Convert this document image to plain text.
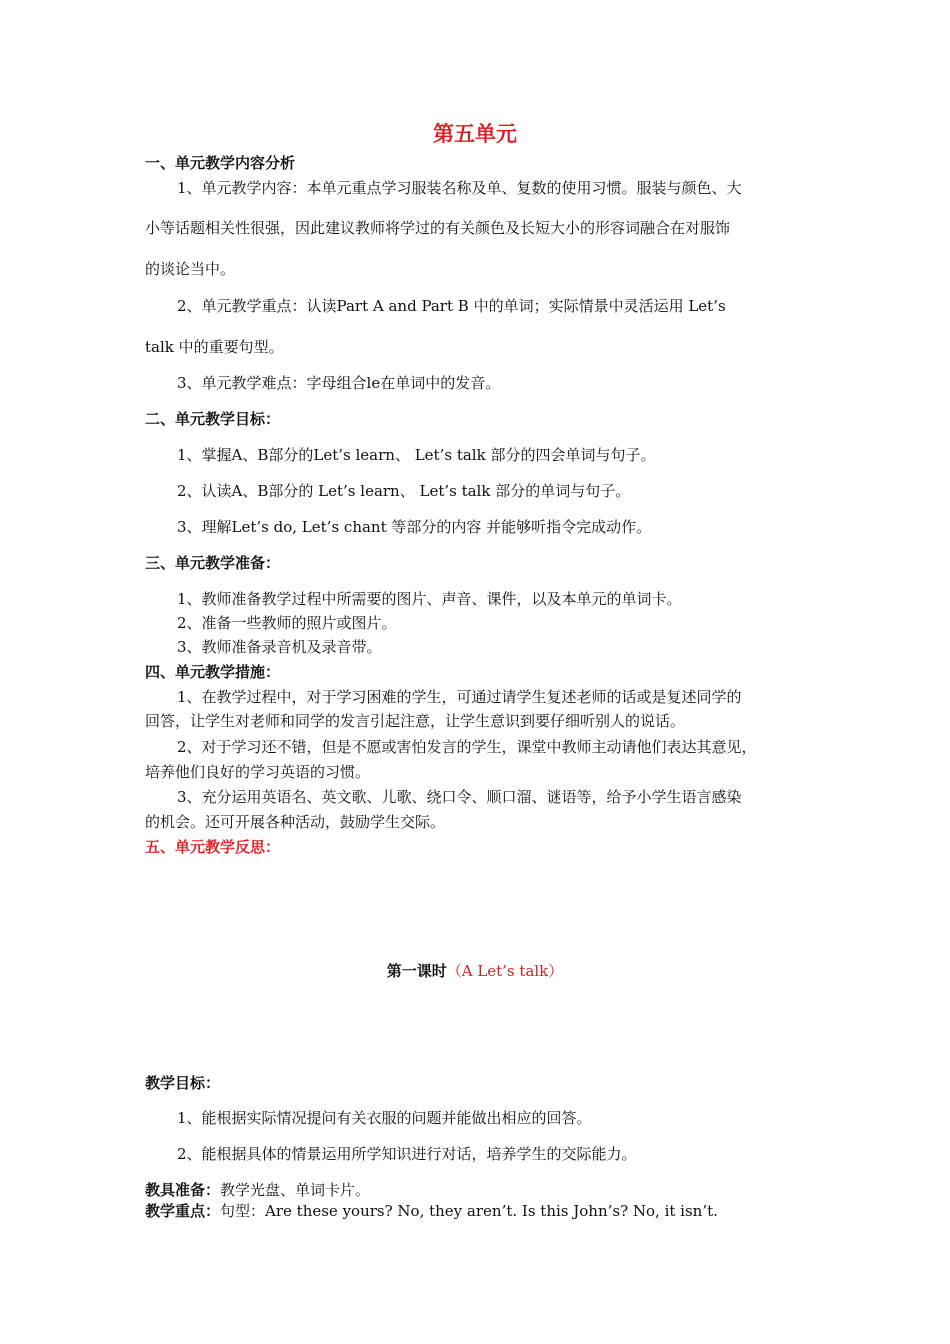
第五单元
一、单元教学内容分析
1、单元教学内容：本单元重点学习服装名称及单、复数的使用习惯。服装与颜色、大
小等话题相关性很强，因此建议教师将学过的有关颜色及长短大小的形容词融合在对服饰
的谈论当中。
2、单元教学重点：认读Part A and Part B 中的单词；实际情景中灵活运用 Let’s
talk 中的重要句型。
3、单元教学难点：字母组合le在单词中的发音。
二、单元教学目标：
1、掌握A、B部分的Let’s learn、 Let’s talk 部分的四会单词与句子。
2、认读A、B部分的 Let’s learn、 Let’s talk 部分的单词与句子。
3、理解Let’s do, Let’s chant 等部分的内容 并能够听指令完成动作。
三、单元教学准备：
1、教师准备教学过程中所需要的图片、声音、课件，以及本单元的单词卡。
2、准备一些教师的照片或图片。
3、教师准备录音机及录音带。
四、单元教学措施：
1、在教学过程中，对于学习困难的学生，可通过请学生复述老师的话或是复述同学的
回答，让学生对老师和同学的发言引起注意，让学生意识到要仔细听别人的说话。
2、对于学习还不错，但是不愿或害怕发言的学生，课堂中教师主动请他们表达其意见，
培养他们良好的学习英语的习惯。
3、充分运用英语名、英文歌、儿歌、绕口令、顺口溜、谜语等，给予小学生语言感染
的机会。还可开展各种活动，鼓励学生交际。
五、单元教学反思：
第一课时（A Let’s talk）
教学目标：
1、能根据实际情况提问有关衣服的问题并能做出相应的回答。
2、能根据具体的情景运用所学知识进行对话，培养学生的交际能力。
教具准备：教学光盘、单词卡片。
教学重点：句型：Are these yours? No, they aren’t. Is this John’s? No, it isn’t.
